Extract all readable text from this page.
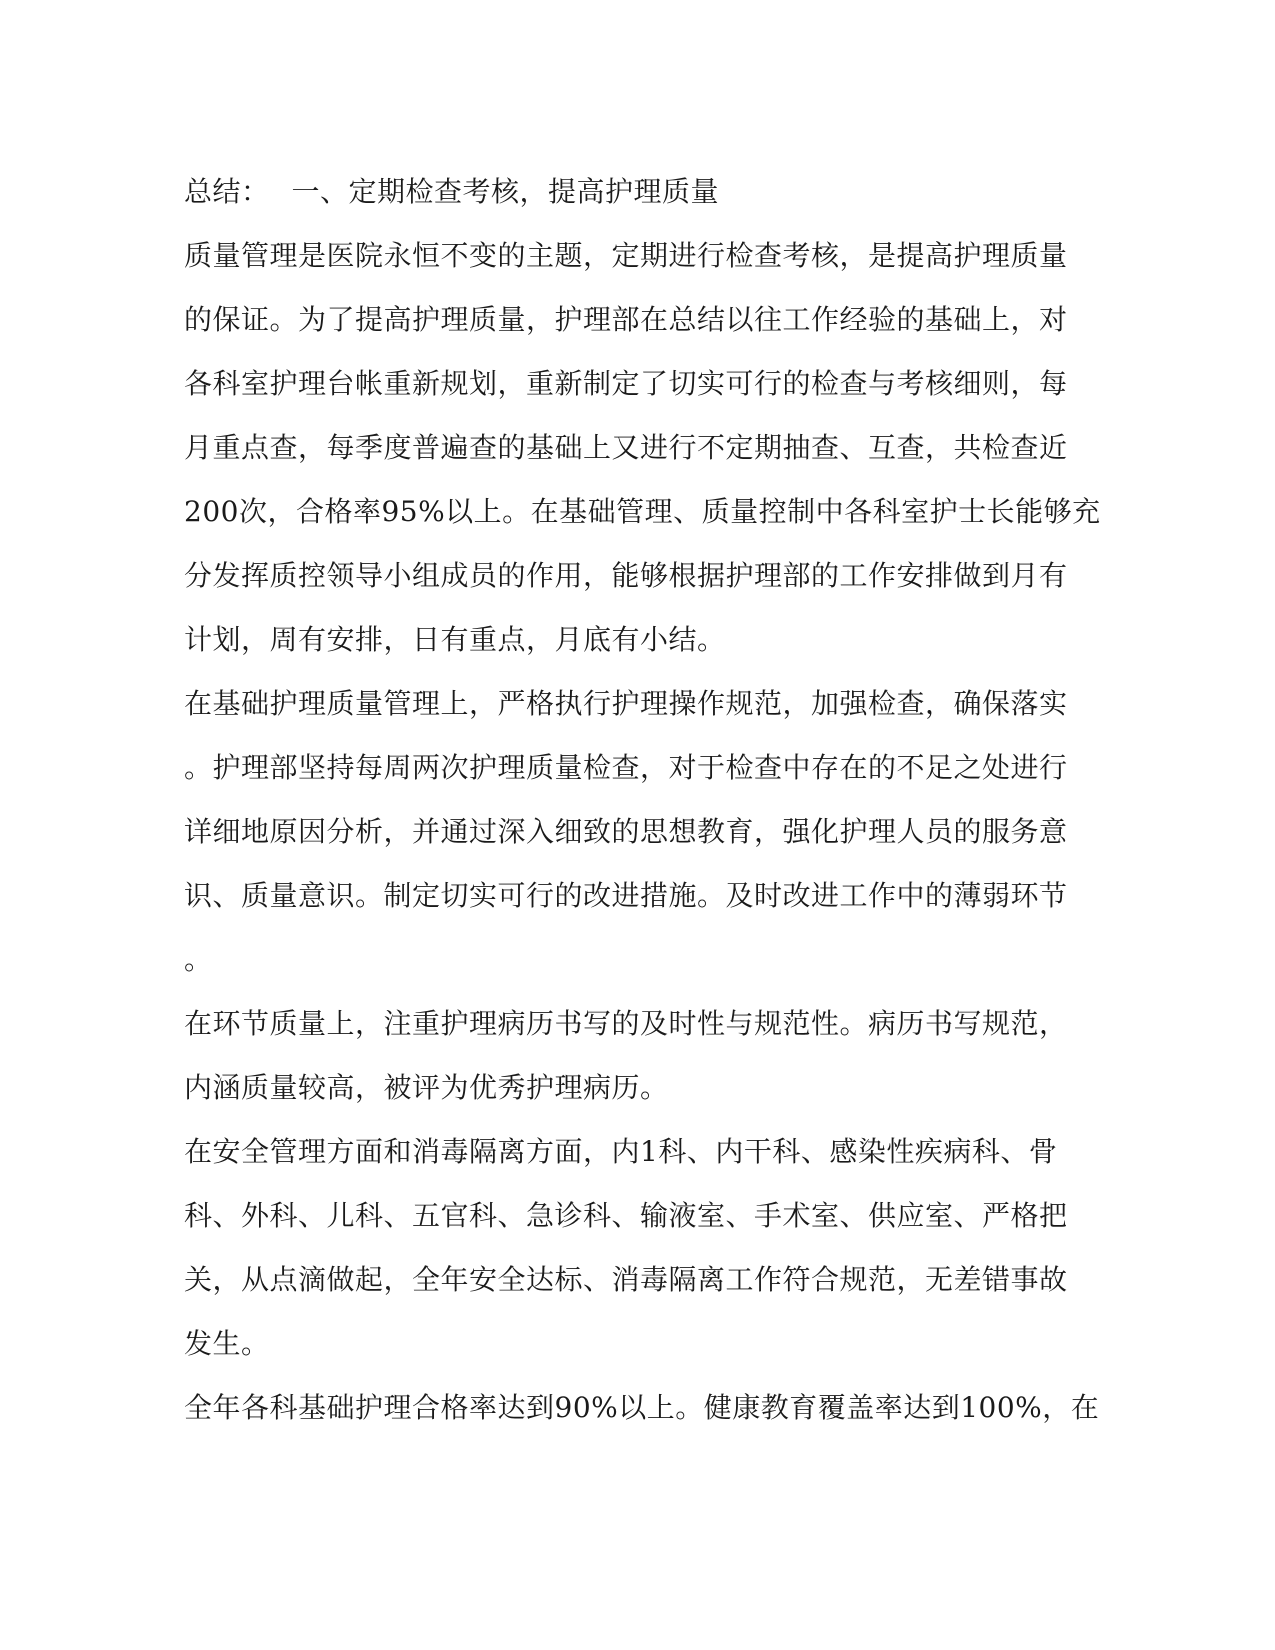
总结： 一、定期检查考核，提高护理质量
质量管理是医院永恒不变的主题，定期进行检查考核，是提高护理质量
的保证。为了提高护理质量，护理部在总结以往工作经验的基础上，对
各科室护理台帐重新规划，重新制定了切实可行的检查与考核细则，每
月重点查，每季度普遍查的基础上又进行不定期抽查、互查，共检查近
200次，合格率95%以上。在基础管理、质量控制中各科室护士长能够充
分发挥质控领导小组成员的作用，能够根据护理部的工作安排做到月有
计划，周有安排，日有重点，月底有小结。
在基础护理质量管理上，严格执行护理操作规范，加强检查，确保落实
。护理部坚持每周两次护理质量检查，对于检查中存在的不足之处进行
详细地原因分析，并通过深入细致的思想教育，强化护理人员的服务意
识、质量意识。制定切实可行的改进措施。及时改进工作中的薄弱环节
。
在环节质量上，注重护理病历书写的及时性与规范性。病历书写规范，
内涵质量较高，被评为优秀护理病历。
在安全管理方面和消毒隔离方面，内1科、内干科、感染性疾病科、骨
科、外科、儿科、五官科、急诊科、输液室、手术室、供应室、严格把
关，从点滴做起，全年安全达标、消毒隔离工作符合规范，无差错事故
发生。
全年各科基础护理合格率达到90%以上。健康教育覆盖率达到100%，在
